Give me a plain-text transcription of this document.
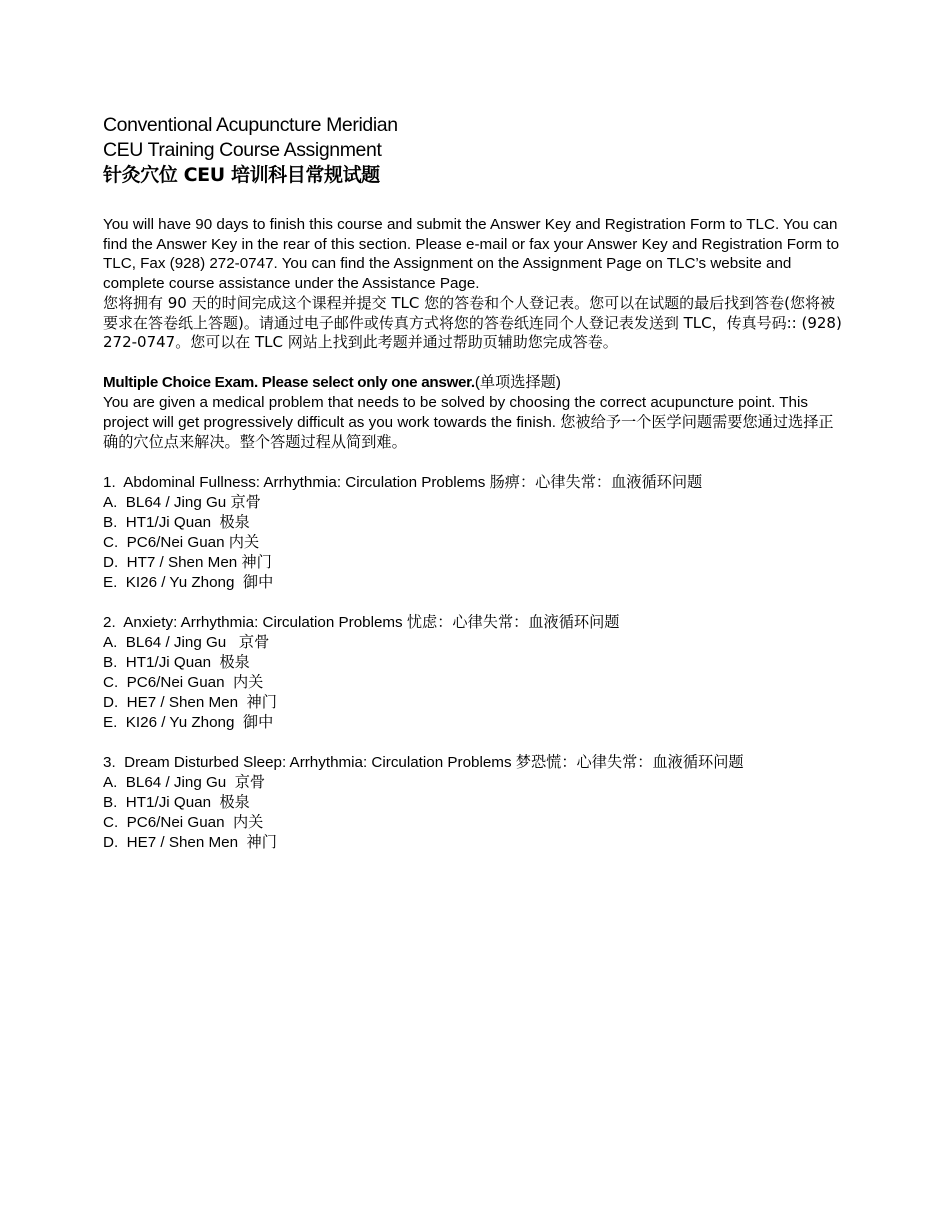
Conventional Acupuncture Meridian
CEU Training Course Assignment
针灸穴位 CEU 培训科目常规试题
You will have 90 days to finish this course and submit the Answer Key and Registration Form to TLC. You can find the Answer Key in the rear of this section. Please e-mail or fax your Answer Key and Registration Form to TLC, Fax (928) 272-0747. You can find the Assignment on the Assignment Page on TLC’s website and complete course assistance under the Assistance Page.
您将拥有 90 天的时间完成这个课程并提交 TLC 您的答卷和个人登记表。您可以在试题的最后找到答卷(您将被要求在答卷纸上答题)。请通过电子邮件或传真方式将您的答卷纸连同个人登记表发送到 TLC，传真号码:: (928) 272-0747。您可以在 TLC 网站上找到此考题并通过帮助页辅助您完成答卷。
Multiple Choice Exam. Please select only one answer.(单项选择题)
You are given a medical problem that needs to be solved by choosing the correct acupuncture point. This project will get progressively difficult as you work towards the finish. 您被给予一个医学问题需要您通过选择正确的穴位点来解决。整个答题过程从简到难。
1.  Abdominal Fullness: Arrhythmia: Circulation Problems 肠痹：心律失常：血液循环问题
A.  BL64 / Jing Gu 京骨
B.  HT1/Ji Quan  极泉
C.  PC6/Nei Guan 内关
D.  HT7 / Shen Men 神门
E.  KI26 / Yu Zhong  御中
2.  Anxiety: Arrhythmia: Circulation Problems 忧虑：心律失常：血液循环问题
A.  BL64 / Jing Gu   京骨
B.  HT1/Ji Quan  极泉
C.  PC6/Nei Guan  内关
D.  HE7 / Shen Men  神门
E.  KI26 / Yu Zhong  御中
3.  Dream Disturbed Sleep: Arrhythmia: Circulation Problems 梦恐慌：心律失常：血液循环问题
A.  BL64 / Jing Gu  京骨
B.  HT1/Ji Quan  极泉
C.  PC6/Nei Guan  内关
D.  HE7 / Shen Men  神门
